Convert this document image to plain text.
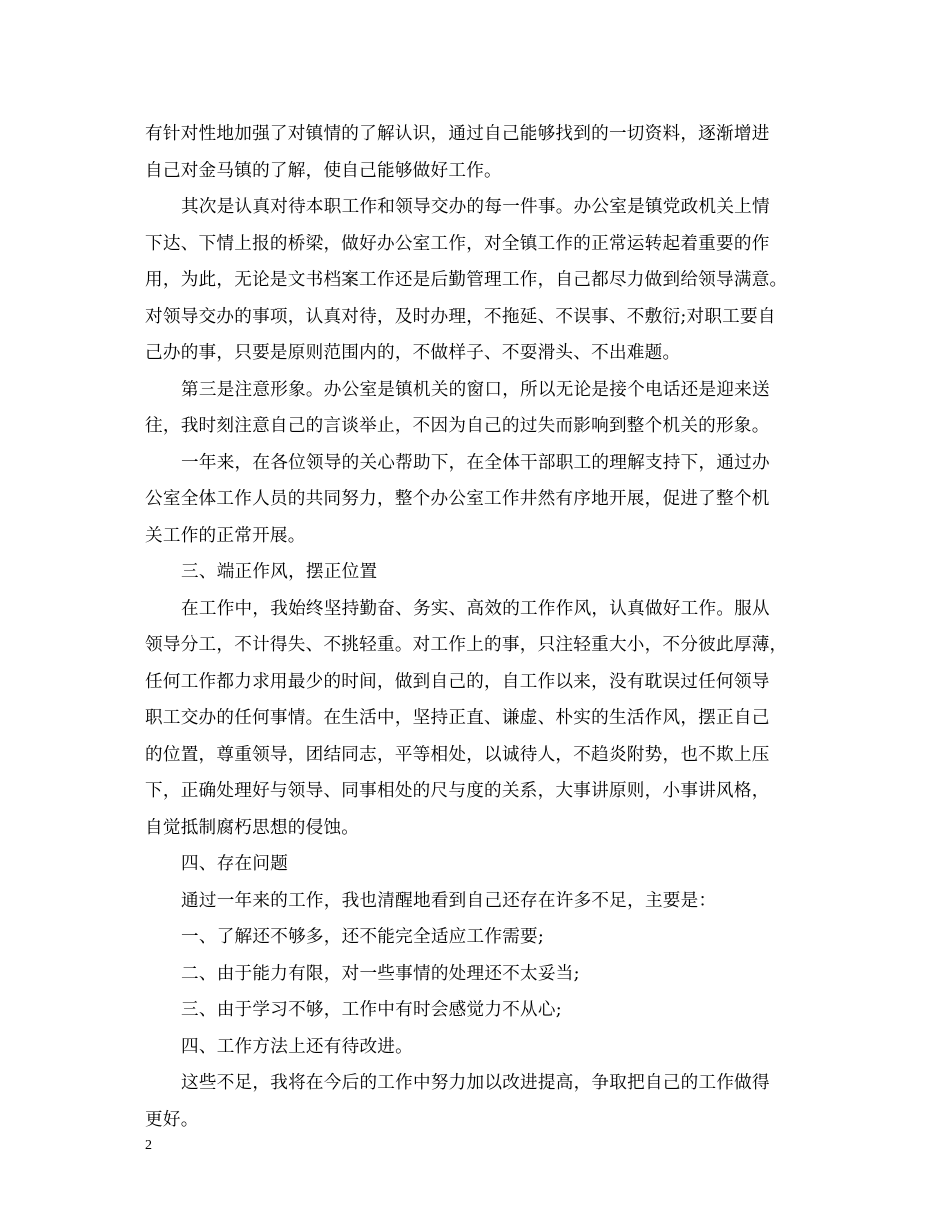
有针对性地加强了对镇情的了解认识，通过自己能够找到的一切资料，逐渐增进
自己对金马镇的了解，使自己能够做好工作。
其次是认真对待本职工作和领导交办的每一件事。办公室是镇党政机关上情
下达、下情上报的桥梁，做好办公室工作，对全镇工作的正常运转起着重要的作
用，为此，无论是文书档案工作还是后勤管理工作，自己都尽力做到给领导满意。
对领导交办的事项，认真对待，及时办理，不拖延、不误事、不敷衍;对职工要自
己办的事，只要是原则范围内的，不做样子、不耍滑头、不出难题。
第三是注意形象。办公室是镇机关的窗口，所以无论是接个电话还是迎来送
往，我时刻注意自己的言谈举止，不因为自己的过失而影响到整个机关的形象。
一年来，在各位领导的关心帮助下，在全体干部职工的理解支持下，通过办
公室全体工作人员的共同努力，整个办公室工作井然有序地开展，促进了整个机
关工作的正常开展。
三、端正作风，摆正位置
在工作中，我始终坚持勤奋、务实、高效的工作作风，认真做好工作。服从
领导分工，不计得失、不挑轻重。对工作上的事，只注轻重大小，不分彼此厚薄，
任何工作都力求用最少的时间，做到自己的，自工作以来，没有耽误过任何领导
职工交办的任何事情。在生活中，坚持正直、谦虚、朴实的生活作风，摆正自己
的位置，尊重领导，团结同志，平等相处，以诚待人，不趋炎附势，也不欺上压
下，正确处理好与领导、同事相处的尺与度的关系，大事讲原则，小事讲风格，
自觉抵制腐朽思想的侵蚀。
四、存在问题
通过一年来的工作，我也清醒地看到自己还存在许多不足，主要是：
一、了解还不够多，还不能完全适应工作需要;
二、由于能力有限，对一些事情的处理还不太妥当;
三、由于学习不够，工作中有时会感觉力不从心;
四、工作方法上还有待改进。
这些不足，我将在今后的工作中努力加以改进提高，争取把自己的工作做得
更好。
2
